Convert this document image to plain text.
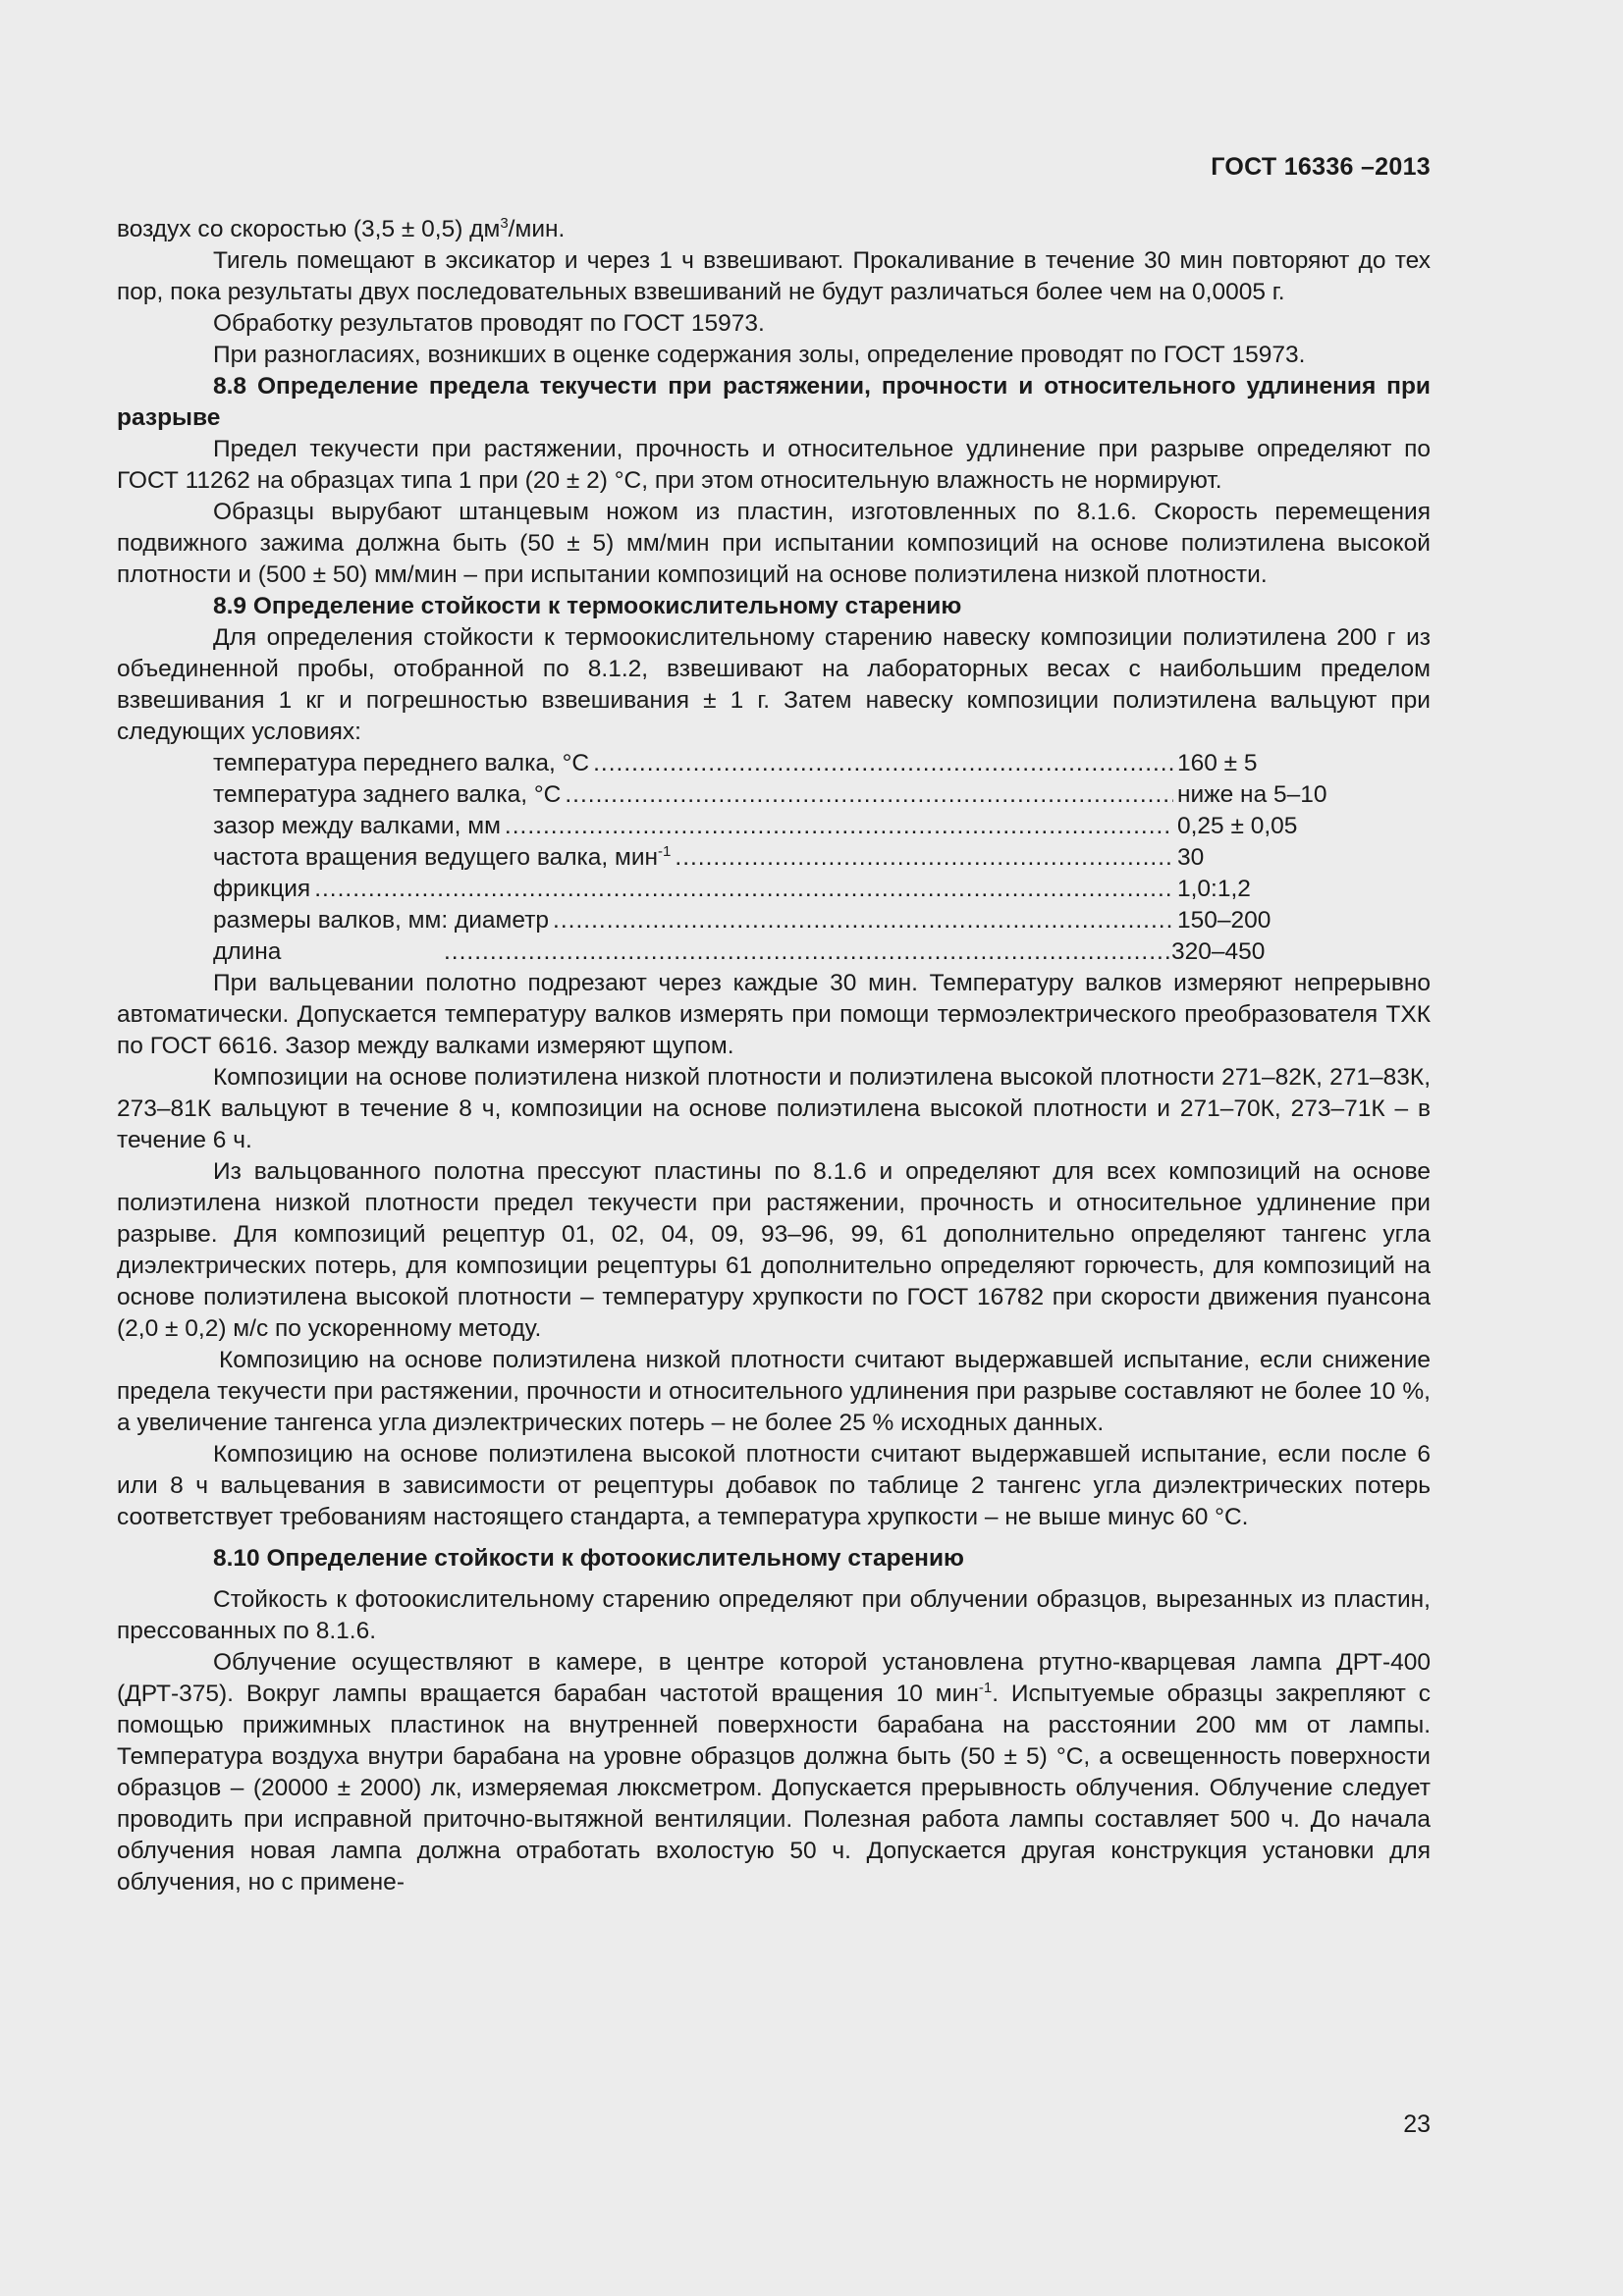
ГОСТ 16336 –2013

воздух со скоростью (3,5 ± 0,5) $дм^3$/мин.

Тигель помещают в эксикатор и через 1 ч взвешивают. Прокаливание в течение 30 мин повторяют до тех пор, пока результаты двух последовательных взвешиваний не будут различаться более чем на 0,0005 г.

Обработку результатов проводят по ГОСТ 15973.

При разногласиях, возникших в оценке содержания золы, определение проводят по ГОСТ 15973.

8.8 Определение предела текучести при растяжении, прочности и относительного удлинения при разрыве

Предел текучести при растяжении, прочность и относительное удлинение при разрыве определяют по ГОСТ 11262 на образцах типа 1 при (20 ± 2) °С, при этом относительную влажность не нормируют.

Образцы вырубают штанцевым ножом из пластин, изготовленных по 8.1.6. Скорость перемещения подвижного зажима должна быть (50 ± 5) мм/мин при испытании композиций на основе полиэтилена высокой плотности и (500 ± 50) мм/мин – при испытании композиций на основе полиэтилена низкой плотности.

8.9 Определение стойкости к термоокислительному старению

Для определения стойкости к термоокислительному старению навеску композиции полиэтилена 200 г из объединенной пробы, отобранной по 8.1.2, взвешивают на лабораторных весах с наибольшим пределом взвешивания 1 кг и погрешностью взвешивания ± 1 г. Затем навеску композиции полиэтилена вальцуют при следующих условиях:

температура переднего валка, °С .....	160 ± 5
температура заднего валка, °С .....	ниже на 5–10
зазор между валками, мм .....	0,25 ± 0,05
частота вращения ведущего валка, мин$^{-1}$ .....	30
фрикция .....	1,0:1,2
размеры валков, мм: диаметр .....	150–200
длина .....	320–450

При вальцевании полотно подрезают через каждые 30 мин. Температуру валков измеряют непрерывно автоматически. Допускается температуру валков измерять при помощи термоэлектрического преобразователя ТХК по ГОСТ 6616. Зазор между валками измеряют щупом.

Композиции на основе полиэтилена низкой плотности и полиэтилена высокой плотности 271–82К, 271–83К, 273–81К вальцуют в течение 8 ч, композиции на основе полиэтилена высокой плотности и 271–70К, 273–71К – в течение 6 ч.

Из вальцованного полотна прессуют пластины по 8.1.6 и определяют для всех композиций на основе полиэтилена низкой плотности предел текучести при растяжении, прочность и относительное удлинение при разрыве. Для композиций рецептур 01, 02, 04, 09, 93–96, 99, 61 дополнительно определяют тангенс угла диэлектрических потерь, для композиции рецептуры 61 дополнительно определяют горючесть, для композиций на основе полиэтилена высокой плотности – температуру хрупкости по ГОСТ 16782 при скорости движения пуансона (2,0 ± 0,2) м/с по ускоренному методу.

Композицию на основе полиэтилена низкой плотности считают выдержавшей испытание, если снижение предела текучести при растяжении, прочности и относительного удлинения при разрыве составляют не более 10 %, а увеличение тангенса угла диэлектрических потерь – не более 25 % исходных данных.

Композицию на основе полиэтилена высокой плотности считают выдержавшей испытание, если после 6 или 8 ч вальцевания в зависимости от рецептуры добавок по таблице 2 тангенс угла диэлектрических потерь соответствует требованиям настоящего стандарта, а температура хрупкости – не выше минус 60 °С.

8.10 Определение стойкости к фотоокислительному старению

Стойкость к фотоокислительному старению определяют при облучении образцов, вырезанных из пластин, прессованных по 8.1.6.

Облучение осуществляют в камере, в центре которой установлена ртутно-кварцевая лампа ДРТ-400 (ДРТ-375). Вокруг лампы вращается барабан частотой вращения 10 мин$^{-1}$. Испытуемые образцы закрепляют с помощью прижимных пластинок на внутренней поверхности барабана на расстоянии 200 мм от лампы. Температура воздуха внутри барабана на уровне образцов должна быть (50 ± 5) °С, а освещенность поверхности образцов – (20000 ± 2000) лк, измеряемая люксметром. Допускается прерывность облучения. Облучение следует проводить при исправной приточно-вытяжной вентиляции. Полезная работа лампы составляет 500 ч. До начала облучения новая лампа должна отработать вхолостую 50 ч. Допускается другая конструкция установки для облучения, но с примене-

23
